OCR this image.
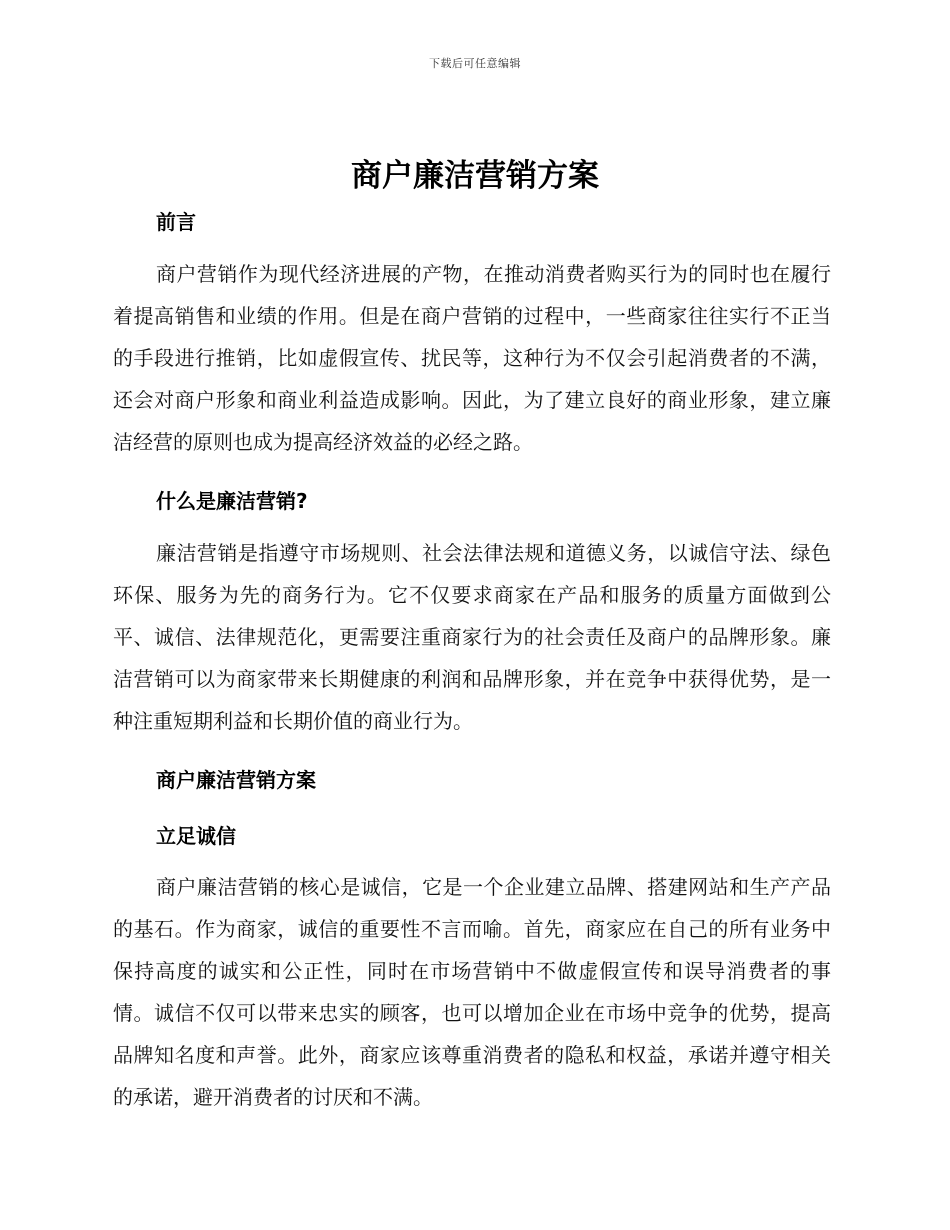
下载后可任意编辑
商户廉洁营销方案
前言
商户营销作为现代经济进展的产物，在推动消费者购买行为的同时也在履行着提高销售和业绩的作用。但是在商户营销的过程中，一些商家往往实行不正当的手段进行推销，比如虚假宣传、扰民等，这种行为不仅会引起消费者的不满，还会对商户形象和商业利益造成影响。因此，为了建立良好的商业形象，建立廉洁经营的原则也成为提高经济效益的必经之路。
什么是廉洁营销?
廉洁营销是指遵守市场规则、社会法律法规和道德义务，以诚信守法、绿色环保、服务为先的商务行为。它不仅要求商家在产品和服务的质量方面做到公平、诚信、法律规范化，更需要注重商家行为的社会责任及商户的品牌形象。廉洁营销可以为商家带来长期健康的利润和品牌形象，并在竞争中获得优势，是一种注重短期利益和长期价值的商业行为。
商户廉洁营销方案
立足诚信
商户廉洁营销的核心是诚信，它是一个企业建立品牌、搭建网站和生产产品的基石。作为商家，诚信的重要性不言而喻。首先，商家应在自己的所有业务中保持高度的诚实和公正性，同时在市场营销中不做虚假宣传和误导消费者的事情。诚信不仅可以带来忠实的顾客，也可以增加企业在市场中竞争的优势，提高品牌知名度和声誉。此外，商家应该尊重消费者的隐私和权益，承诺并遵守相关的承诺，避开消费者的讨厌和不满。
